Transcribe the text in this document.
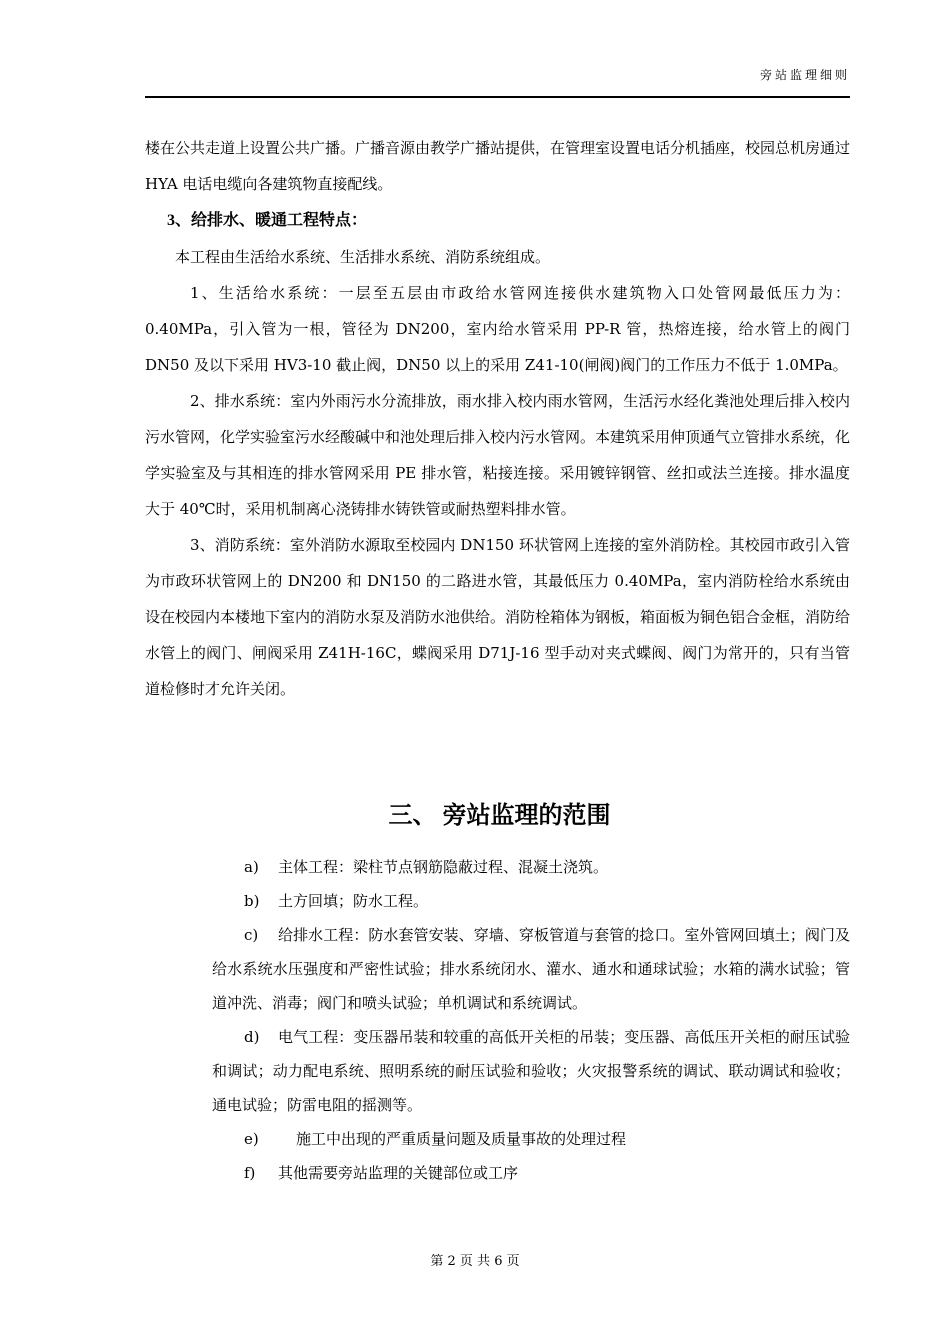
旁站监理细则

楼在公共走道上设置公共广播。广播音源由教学广播站提供，在管理室设置电话分机插座，校园总机房通过 HYA 电话电缆向各建筑物直接配线。

3、给排水、暖通工程特点：

本工程由生活给水系统、生活排水系统、消防系统组成。

1、生活给水系统：一层至五层由市政给水管网连接供水建筑物入口处管网最低压力为：0.40MPa，引入管为一根，管径为 DN200，室内给水管采用 PP-R 管，热熔连接，给水管上的阀门 DN50 及以下采用 HV3-10 截止阀，DN50 以上的采用 Z41-10(闸阀)阀门的工作压力不低于 1.0MPa。

2、排水系统：室内外雨污水分流排放，雨水排入校内雨水管网，生活污水经化粪池处理后排入校内污水管网，化学实验室污水经酸碱中和池处理后排入校内污水管网。本建筑采用伸顶通气立管排水系统，化学实验室及与其相连的排水管网采用 PE 排水管，粘接连接。采用镀锌钢管、丝扣或法兰连接。排水温度大于 40℃时，采用机制离心浇铸排水铸铁管或耐热塑料排水管。

3、消防系统：室外消防水源取至校园内 DN150 环状管网上连接的室外消防栓。其校园市政引入管为市政环状管网上的 DN200 和 DN150 的二路进水管，其最低压力 0.40MPa，室内消防栓给水系统由设在校园内本楼地下室内的消防水泵及消防水池供给。消防栓箱体为钢板，箱面板为铜色铝合金框，消防给水管上的阀门、闸阀采用 Z41H-16C，蝶阀采用 D71J-16 型手动对夹式蝶阀、阀门为常开的，只有当管道检修时才允许关闭。

三、 旁站监理的范围

a) 主体工程：梁柱节点钢筋隐蔽过程、混凝土浇筑。

b) 土方回填；防水工程。

c) 给排水工程：防水套管安装、穿墙、穿板管道与套管的捻口。室外管网回填土；阀门及给水系统水压强度和严密性试验；排水系统闭水、灌水、通水和通球试验；水箱的满水试验；管道冲洗、消毒；阀门和喷头试验；单机调试和系统调试。

d) 电气工程：变压器吊装和较重的高低开关柜的吊装；变压器、高低压开关柜的耐压试验和调试；动力配电系统、照明系统的耐压试验和验收；火灾报警系统的调试、联动调试和验收；通电试验；防雷电阻的摇测等。

e) 施工中出现的严重质量问题及质量事故的处理过程

f) 其他需要旁站监理的关键部位或工序

第 2 页 共 6 页
